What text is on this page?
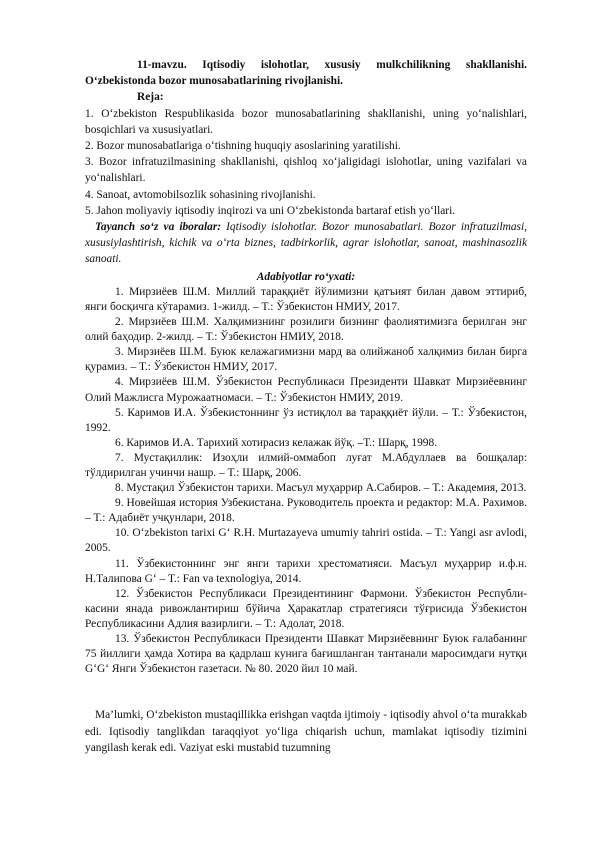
11-mavzu. Iqtisodiy islohotlar, xususiy mulkchilikning shakllanishi. O‘zbekistonda bozor munosabatlarining rivojlanishi.

Reja:

1. O‘zbekiston Respublikasida bozor munosabatlarining shakllanishi, uning yo‘nalishlari, bosqichlari va xususiyatlari.

2. Bozor munosabatlariga o‘tishning huquqiy asoslarining yaratilishi.

3. Bozor infratuzilmasining shakllanishi, qishloq xo‘jaligidagi islohotlar, uning vazifalari va yo‘nalishlari.

4. Sanoat, avtomobilsozlik sohasining rivojlanishi.

5. Jahon moliyaviy iqtisodiy inqirozi va uni O‘zbekistonda bartaraf etish yo‘llari.

Tayanch so‘z va iboralar: Iqtisodiy islohotlar. Bozor munosabatlari. Bozor infratuzilmasi, xususiylashtirish, kichik va o‘rta biznes, tadbirkorlik, agrar islohotlar, sanoat, mashinasozlik sanoati.

Adabiyotlar ro‘yxati:

1. Мирзиёев Ш.М. Миллий тараққиёт йўлимизни қатъият билан давом эттириб, янги босқичга кўтарамиз. 1-жилд. – Т.: Ўзбекистон НМИУ, 2017.

2. Мирзиёев Ш.М. Халқимизнинг розилиги бизнинг фаолиятимизга берилган энг олий баҳодир. 2-жилд. – Т.: Ўзбекистон НМИУ, 2018.

3. Мирзиёев Ш.М. Буюк келажагимизни мард ва олийжаноб халқимиз билан бирга қурамиз. – Т.: Ўзбекистон НМИУ, 2017.

4. Мирзиёев Ш.М. Ўзбекистон Республикаси Президенти Шавкат Мирзиёевнинг Олий Мажлисга Мурожаатномаси. – Т.: Ўзбекистон НМИУ, 2019.

5. Каримов И.А. Ўзбекистоннинг ўз истиқлол ва тараққиёт йўли. – Т.: Ўзбекистон, 1992.

6. Каримов И.А. Тарихий хотирасиз келажак йўқ. –Т.: Шарқ, 1998.

7. Мустақиллик: Изоҳли илмий-оммабоп луғат М.Абдуллаев ва бошқалар: тўлдирилган учинчи нашр. – Т.: Шарқ, 2006.

8. Мустақил Ўзбекистон тарихи. Масъул муҳаррир А.Сабиров. – Т.: Академия, 2013.

9. Новейшая история Узбекистана. Руководитель проекта и редактор: М.А. Рахимов. – Т.: Адабиёт учқунлари, 2018.

10. O‘zbekiston tarixi G‘ R.H. Murtazayeva umumiy tahriri ostida. – T.: Yangi asr avlodi, 2005.

11. Ўзбекистоннинг энг янги тарихи хрестоматияси. Масъул муҳаррир и.ф.н. Н.Талипова G‘ – Т.: Fan va texnologiya, 2014.

12. Ўзбекистон Республикаси Президентининг Фармони. Ўзбекистон Республи-касини янада ривожлантириш бўйича Ҳаракатлар стратегияси тўғрисида Ўзбекистон Республикасини Адлия вазирлиги. – Т.: Адолат, 2018.

13. Ўзбекистон Республикаси Президенти Шавкат Мирзиёевнинг Буюк ғалабанинг 75 йиллиги ҳамда Хотира ва қадрлаш кунига бағишланган тантанали маросимдаги нутқи G‘G‘ Янги Ўзбекистон газетаси. № 80. 2020 йил 10 май.

Ma’lumki, O‘zbekiston mustaqillikka erishgan vaqtda ijtimoiy - iqtisodiy ahvol o‘ta murakkab edi. Iqtisodiy tanglikdan taraqqiyot yo‘liga chiqarish uchun, mamlakat iqtisodiy tizimini yangilash kerak edi. Vaziyat eski mustabid tuzumning
